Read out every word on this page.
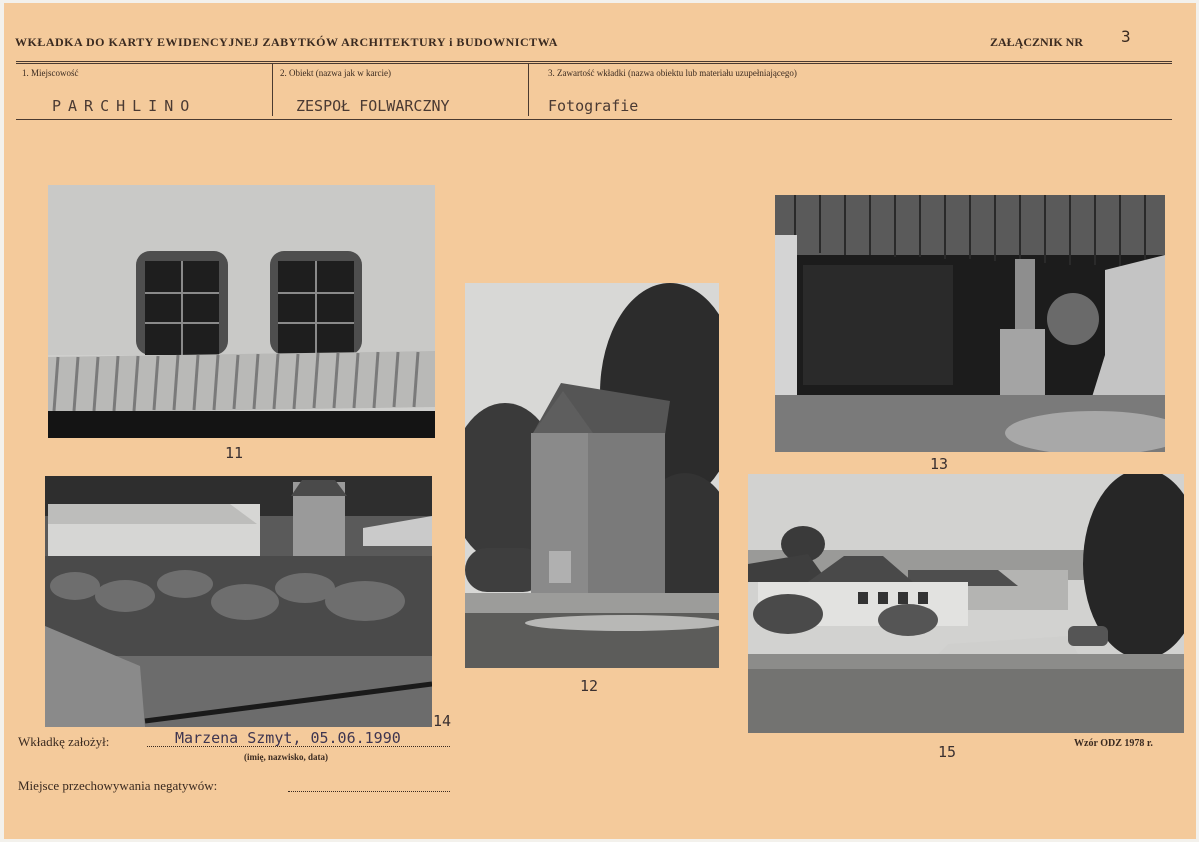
WKŁADKA DO KARTY EWIDENCYJNEJ ZABYTKÓW ARCHITEKTURY i BUDOWNICTWA	ZAŁĄCZNIK NR 3
1. Miejscowość
PARCHLINO
2. Obiekt (nazwa jak w karcie)
ZESPOŁ FOLWARCZNY
3. Zawartość wkładki (nazwa obiektu lub materiału uzupełniającego)
Fotografie
11
12
13
14
15
Wkładkę założył:	Marzena Szmyt, 05.06.1990
(imię, nazwisko, data)
Miejsce przechowywania negatywów:
Wzór ODZ 1978 r.
